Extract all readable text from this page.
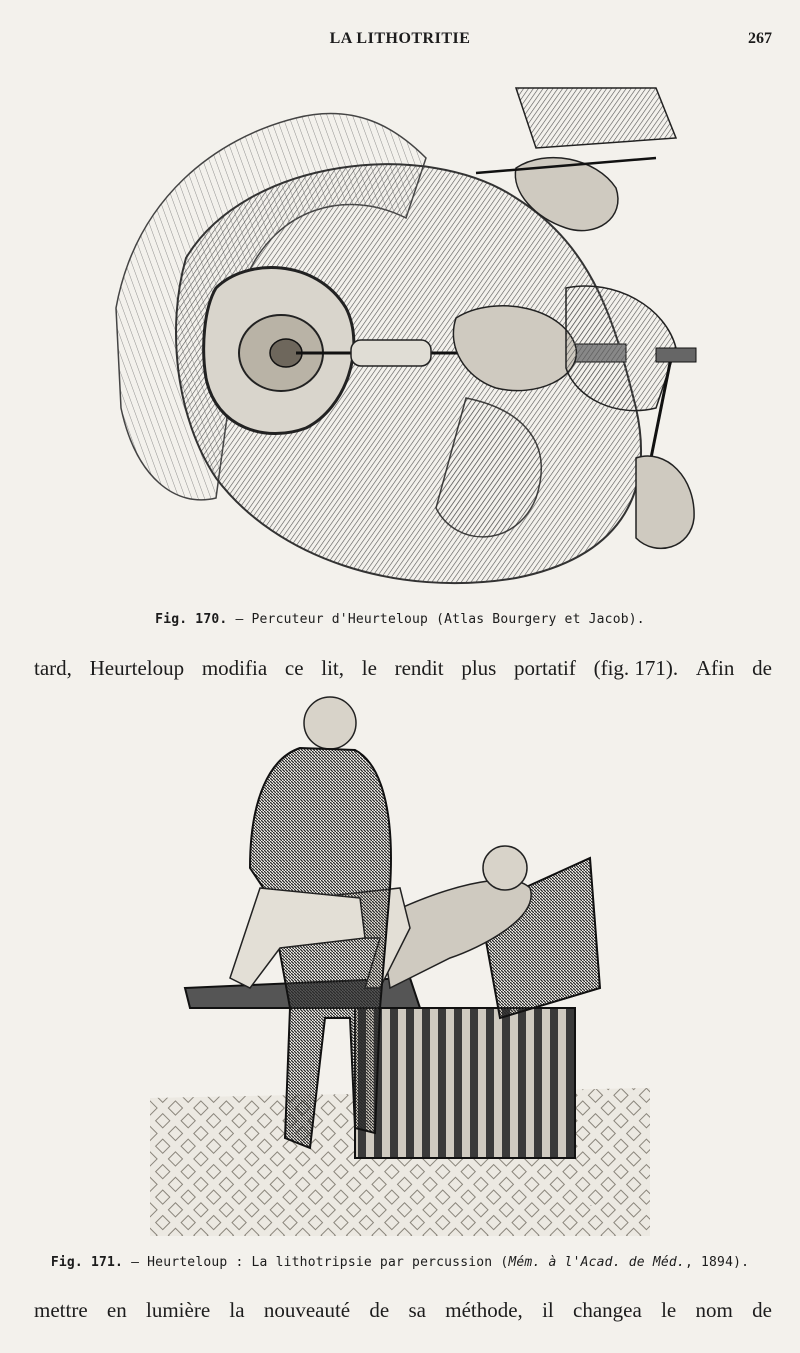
LA LITHOTRITIE	267
Fig. 170. — Percuteur d'Heurteloup (Atlas Bourgery et Jacob).
tard, Heurteloup modifia ce lit, le rendit plus portatif (fig. 171). Afin de
·
Fig. 171. — Heurteloup : La lithotripsie par percussion (Mém. à l'Acad. de Méd., 1894).
mettre en lumière la nouveauté de sa méthode, il changea le nom de
